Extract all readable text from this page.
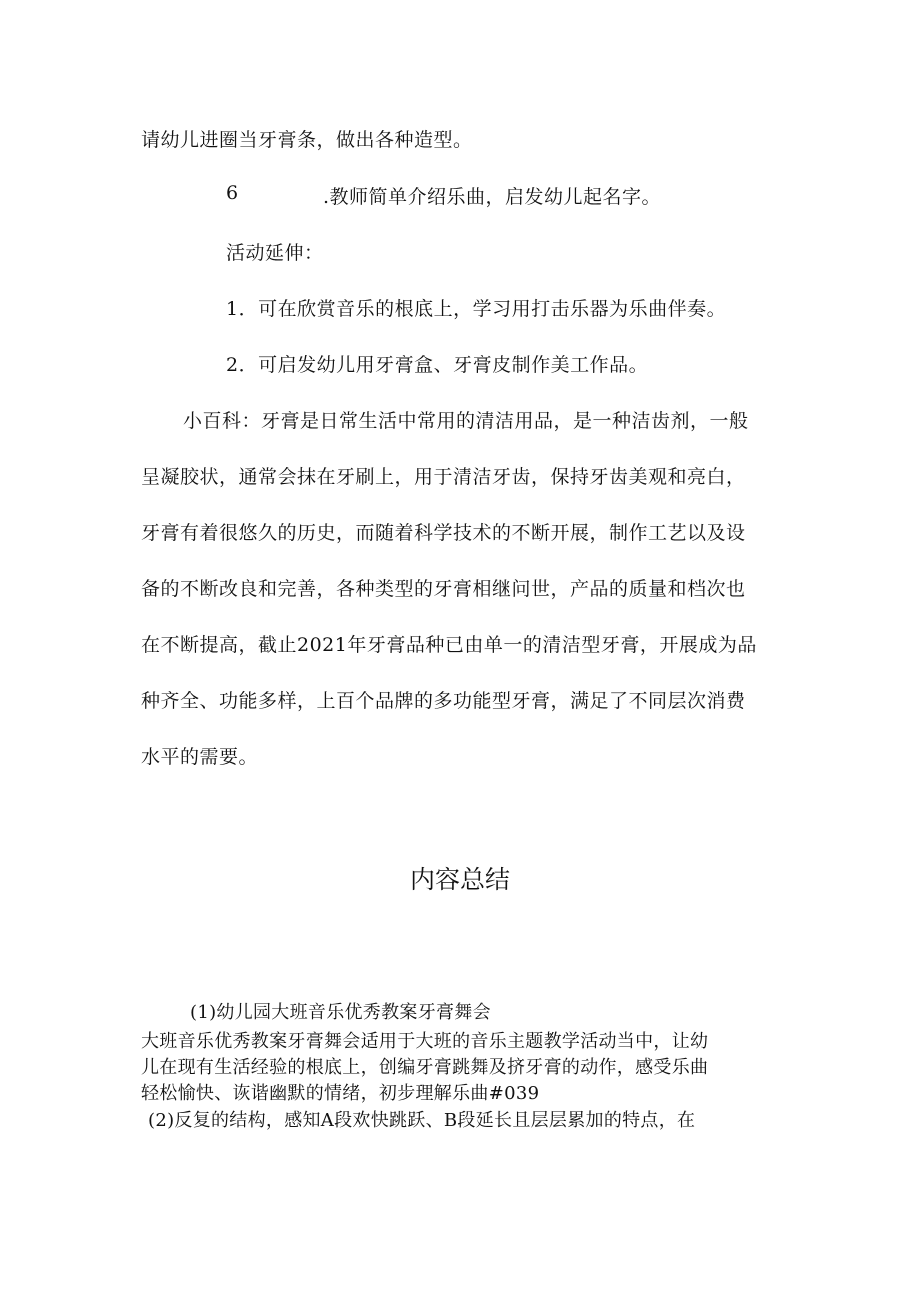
请幼儿进圈当牙膏条，做出各种造型。
6	.教师简单介绍乐曲，启发幼儿起名字。
活动延伸：
1．可在欣赏音乐的根底上，学习用打击乐器为乐曲伴奏。
2．可启发幼儿用牙膏盒、牙膏皮制作美工作品。
小百科：牙膏是日常生活中常用的清洁用品，是一种洁齿剂，一般
呈凝胶状，通常会抹在牙刷上，用于清洁牙齿，保持牙齿美观和亮白，
牙膏有着很悠久的历史，而随着科学技术的不断开展，制作工艺以及设
备的不断改良和完善，各种类型的牙膏相继问世，产品的质量和档次也
在不断提高，截止2021年牙膏品种已由单一的清洁型牙膏，开展成为品
种齐全、功能多样，上百个品牌的多功能型牙膏，满足了不同层次消费
水平的需要。
内容总结
(1)幼儿园大班音乐优秀教案牙膏舞会
大班音乐优秀教案牙膏舞会适用于大班的音乐主题教学活动当中，让幼
儿在现有生活经验的根底上，创编牙膏跳舞及挤牙膏的动作，感受乐曲
轻松愉快、诙谐幽默的情绪，初步理解乐曲#039
(2)反复的结构，感知A段欢快跳跃、B段延长且层层累加的特点，在
